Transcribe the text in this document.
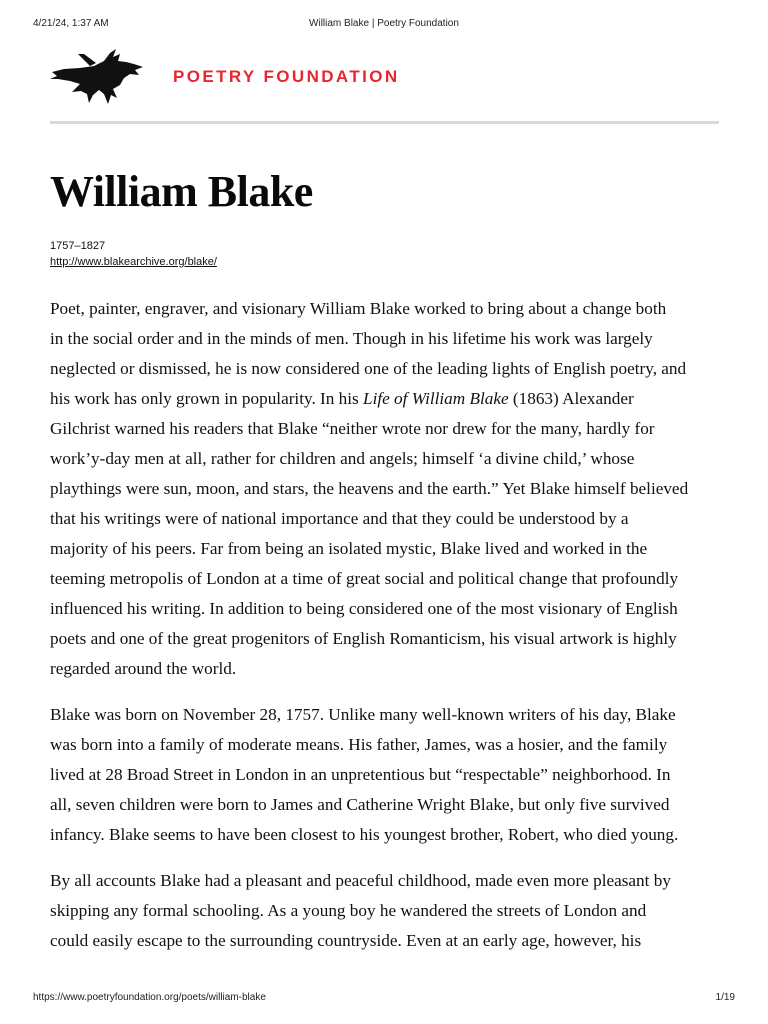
4/21/24, 1:37 AM	William Blake | Poetry Foundation
POETRY FOUNDATION
William Blake
1757–1827
http://www.blakearchive.org/blake/

Poet, painter, engraver, and visionary William Blake worked to bring about a change both
in the social order and in the minds of men. Though in his lifetime his work was largely
neglected or dismissed, he is now considered one of the leading lights of English poetry, and
his work has only grown in popularity. In his Life of William Blake (1863) Alexander
Gilchrist warned his readers that Blake “neither wrote nor drew for the many, hardly for
work’y-day men at all, rather for children and angels; himself ‘a divine child,’ whose
playthings were sun, moon, and stars, the heavens and the earth.” Yet Blake himself believed
that his writings were of national importance and that they could be understood by a
majority of his peers. Far from being an isolated mystic, Blake lived and worked in the
teeming metropolis of London at a time of great social and political change that profoundly
influenced his writing. In addition to being considered one of the most visionary of English
poets and one of the great progenitors of English Romanticism, his visual artwork is highly
regarded around the world.

Blake was born on November 28, 1757. Unlike many well-known writers of his day, Blake
was born into a family of moderate means. His father, James, was a hosier, and the family
lived at 28 Broad Street in London in an unpretentious but “respectable” neighborhood. In
all, seven children were born to James and Catherine Wright Blake, but only five survived
infancy. Blake seems to have been closest to his youngest brother, Robert, who died young.

By all accounts Blake had a pleasant and peaceful childhood, made even more pleasant by
skipping any formal schooling. As a young boy he wandered the streets of London and
could easily escape to the surrounding countryside. Even at an early age, however, his

https://www.poetryfoundation.org/poets/william-blake	1/19
